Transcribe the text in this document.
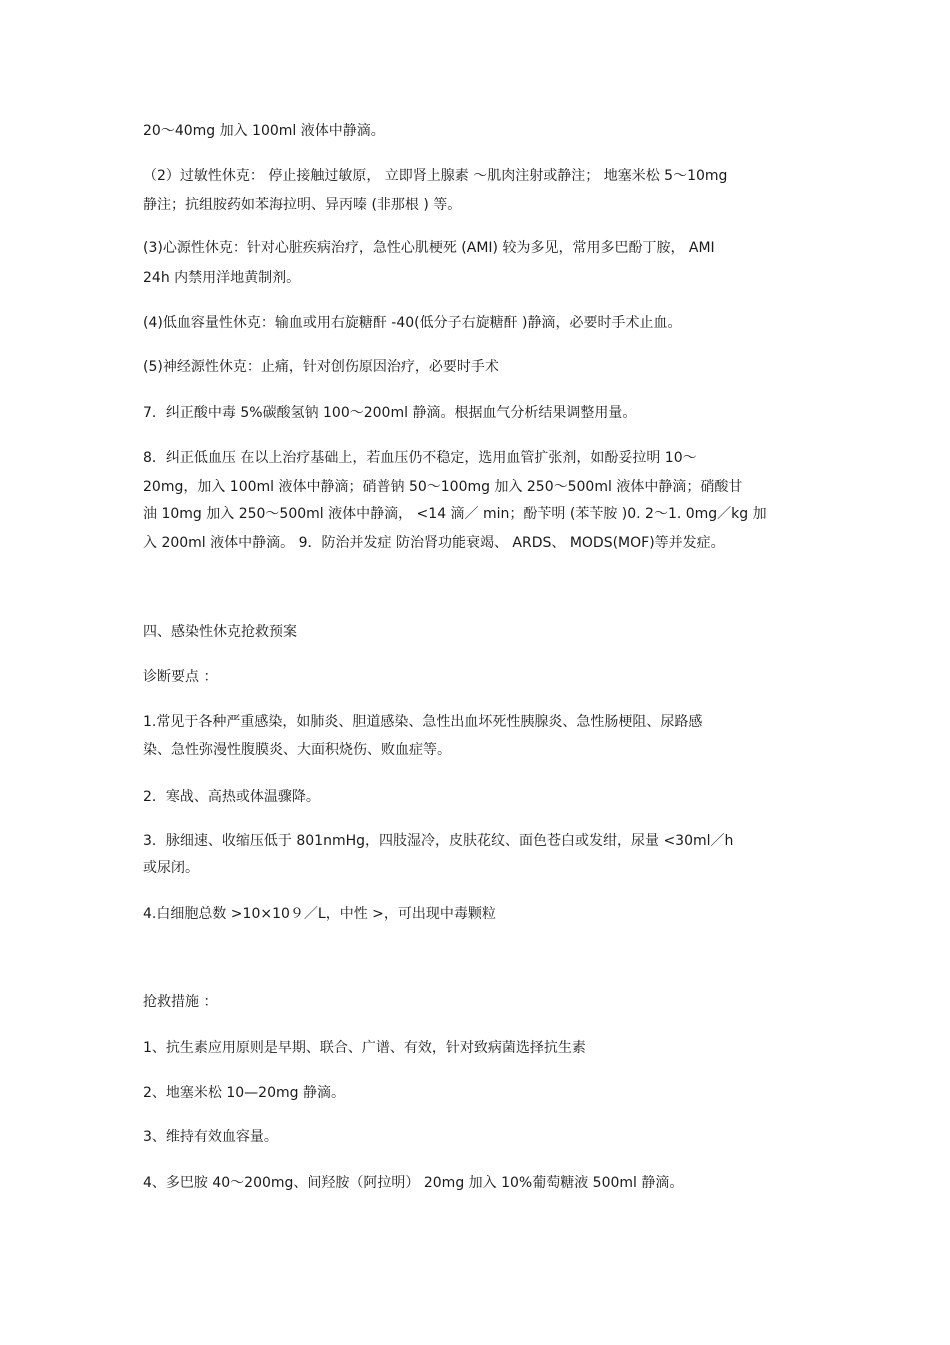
20～40mg 加入 100ml 液体中静滴。
（2）过敏性休克： 停止接触过敏原， 立即肾上腺素 ～肌肉注射或静注； 地塞米松 5～10mg
静注；抗组胺药如苯海拉明、异丙嗪 (非那根 ) 等。
(3)心源性休克：针对心脏疾病治疗，急性心肌梗死 (AMI) 较为多见，常用多巴酚丁胺， AMI
24h 内禁用洋地黄制剂。
(4)低血容量性休克：输血或用右旋糖酐 -40(低分子右旋糖酐 )静滴，必要时手术止血。
(5)神经源性休克：止痛，针对创伤原因治疗，必要时手术
7．纠正酸中毒 5%碳酸氢钠 100～200ml 静滴。根据血气分析结果调整用量。
8．纠正低血压 在以上治疗基础上，若血压仍不稳定，选用血管扩张剂，如酚妥拉明 10～
20mg，加入 100ml 液体中静滴；硝普钠 50～100mg 加入 250～500ml 液体中静滴；硝酸甘
油 10mg 加入 250～500ml 液体中静滴， <14 滴／ min；酚苄明 (苯苄胺 )0. 2～1. 0mg／kg 加
入 200ml 液体中静滴。 9．防治并发症 防治肾功能衰竭、 ARDS、 MODS(MOF)等并发症。
四、感染性休克抢救预案
诊断要点 ：
1.常见于各种严重感染，如肺炎、胆道感染、急性出血坏死性胰腺炎、急性肠梗阻、尿路感
染、急性弥漫性腹膜炎、大面积烧伤、败血症等。
2．寒战、高热或体温骤降。
3．脉细速、收缩压低于 801nmHg，四肢湿冷，皮肤花纹、面色苍白或发绀，尿量 <30ml／h
或尿闭。
4.白细胞总数 >10×10９／L，中性 >，可出现中毒颗粒
抢救措施 ：
1、抗生素应用原则是早期、联合、广谱、有效，针对致病菌选择抗生素
2、地塞米松 10—20mg 静滴。
3、维持有效血容量。
4、多巴胺 40～200mg、间羟胺（阿拉明） 20mg 加入 10%葡萄糖液 500ml 静滴。
